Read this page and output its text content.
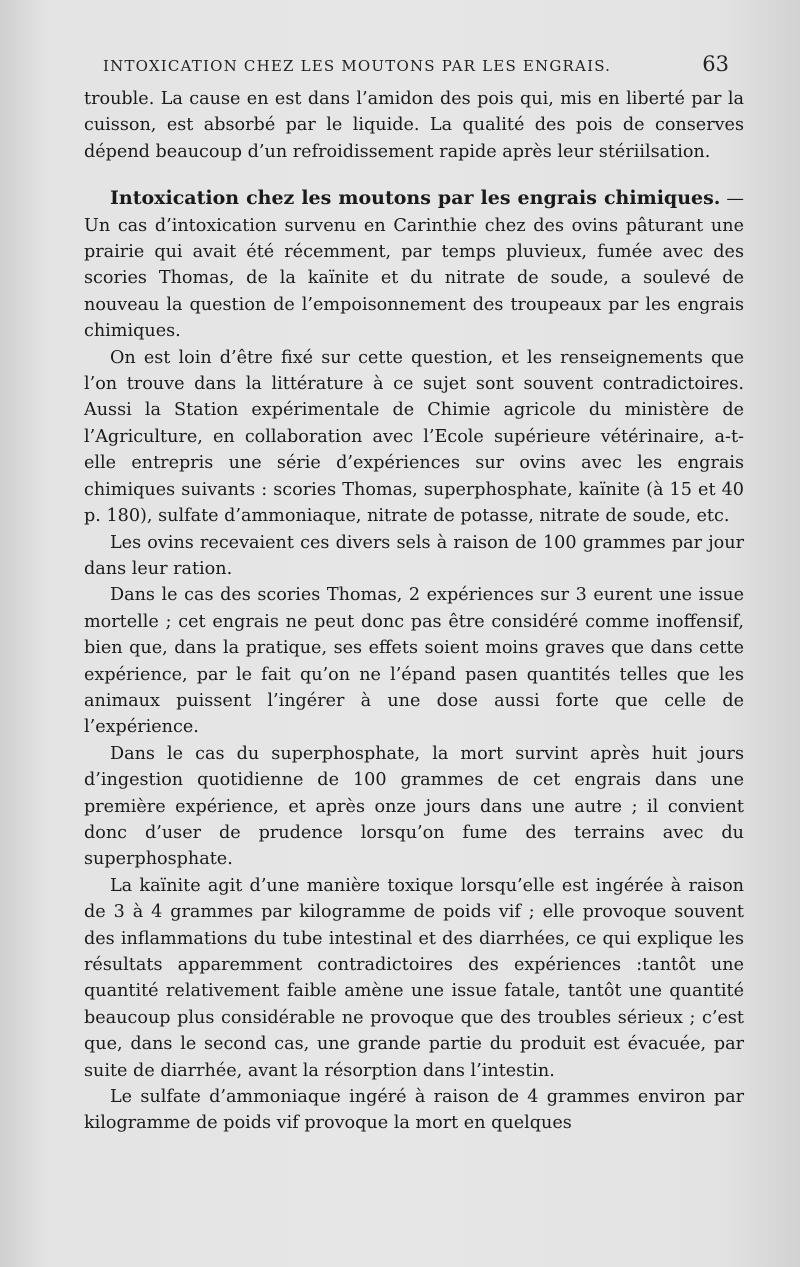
INTOXICATION CHEZ LES MOUTONS PAR LES ENGRAIS.	63

trouble. La cause en est dans l’amidon des pois qui, mis en liberté par la cuisson, est absorbé par le liquide. La qualité des pois de conserves dépend beaucoup d’un refroidissement rapide après leur stériilsation.

Intoxication chez les moutons par les engrais chimiques. — Un cas d’intoxication survenu en Carinthie chez des ovins pâturant une prairie qui avait été récemment, par temps pluvieux, fumée avec des scories Thomas, de la kaïnite et du nitrate de soude, a soulevé de nouveau la question de l’empoisonnement des troupeaux par les engrais chimiques.

On est loin d’être fixé sur cette question, et les renseignements que l’on trouve dans la littérature à ce sujet sont souvent contradictoires. Aussi la Station expérimentale de Chimie agricole du ministère de l’Agriculture, en collaboration avec l’Ecole supérieure vétérinaire, a-t-elle entrepris une série d’expériences sur ovins avec les engrais chimiques suivants : scories Thomas, superphosphate, kaïnite (à 15 et 40 p. 180), sulfate d’ammoniaque, nitrate de potasse, nitrate de soude, etc.

Les ovins recevaient ces divers sels à raison de 100 grammes par jour dans leur ration.

Dans le cas des scories Thomas, 2 expériences sur 3 eurent une issue mortelle ; cet engrais ne peut donc pas être considéré comme inoffensif, bien que, dans la pratique, ses effets soient moins graves que dans cette expérience, par le fait qu’on ne l’épand pasen quantités telles que les animaux puissent l’ingérer à une dose aussi forte que celle de l’expérience.

Dans le cas du superphosphate, la mort survint après huit jours d’ingestion quotidienne de 100 grammes de cet engrais dans une première expérience, et après onze jours dans une autre ; il convient donc d’user de prudence lorsqu’on fume des terrains avec du superphosphate.

La kaïnite agit d’une manière toxique lorsqu’elle est ingérée à raison de 3 à 4 grammes par kilogramme de poids vif ; elle provoque souvent des inflammations du tube intestinal et des diarrhées, ce qui explique les résultats apparemment contradictoires des expériences :tantôt une quantité relativement faible amène une issue fatale, tantôt une quantité beaucoup plus considérable ne provoque que des troubles sérieux ; c’est que, dans le second cas, une grande partie du produit est évacuée, par suite de diarrhée, avant la résorption dans l’intestin.

Le sulfate d’ammoniaque ingéré à raison de 4 grammes environ par kilogramme de poids vif provoque la mort en quelques
